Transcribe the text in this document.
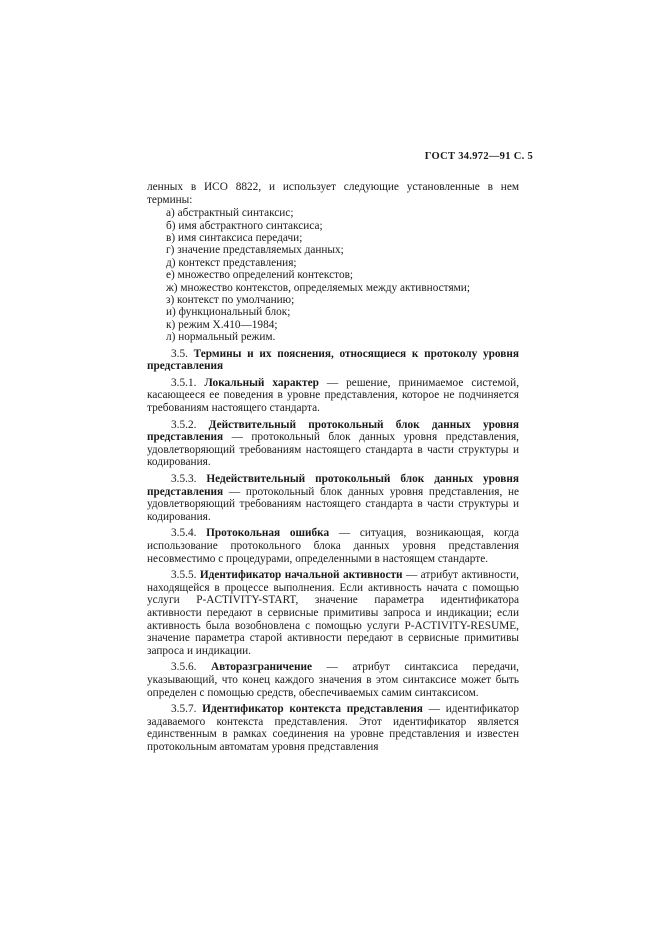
ГОСТ 34.972—91 С. 5

ленных в ИСО 8822, и использует следующие установленные в нем термины:

а) абстрактный синтаксис;
б) имя абстрактного синтаксиса;
в) имя синтаксиса передачи;
г) значение представляемых данных;
д) контекст представления;
е) множество определений контекстов;
ж) множество контекстов, определяемых между активностями;
з) контекст по умолчанию;
и) функциональный блок;
к) режим X.410—1984;
л) нормальный режим.

3.5. Термины и их пояснения, относящиеся к протоколу уровня представления

3.5.1. Локальный характер — решение, принимаемое системой, касающееся ее поведения в уровне представления, которое не подчиняется требованиям настоящего стандарта.

3.5.2. Действительный протокольный блок данных уровня представления — протокольный блок данных уровня представления, удовлетворяющий требованиям настоящего стандарта в части структуры и кодирования.

3.5.3. Недействительный протокольный блок данных уровня представления — протокольный блок данных уровня представления, не удовлетворяющий требованиям настоящего стандарта в части структуры и кодирования.

3.5.4. Протокольная ошибка — ситуация, возникающая, когда использование протокольного блока данных уровня представления несовместимо с процедурами, определенными в настоящем стандарте.

3.5.5. Идентификатор начальной активности — атрибут активности, находящейся в процессе выполнения. Если активность начата с помощью услуги P-ACTIVITY-START, значение параметра идентификатора активности передают в сервисные примитивы запроса и индикации; если активность была возобновлена с помощью услуги P-ACTIVITY-RESUME, значение параметра старой активности передают в сервисные примитивы запроса и индикации.

3.5.6. Авторазграничение — атрибут синтаксиса передачи, указывающий, что конец каждого значения в этом синтаксисе может быть определен с помощью средств, обеспечиваемых самим синтаксисом.

3.5.7. Идентификатор контекста представления — идентификатор задаваемого контекста представления. Этот идентификатор является единственным в рамках соединения на уровне представления и известен протокольным автоматам уровня представления
